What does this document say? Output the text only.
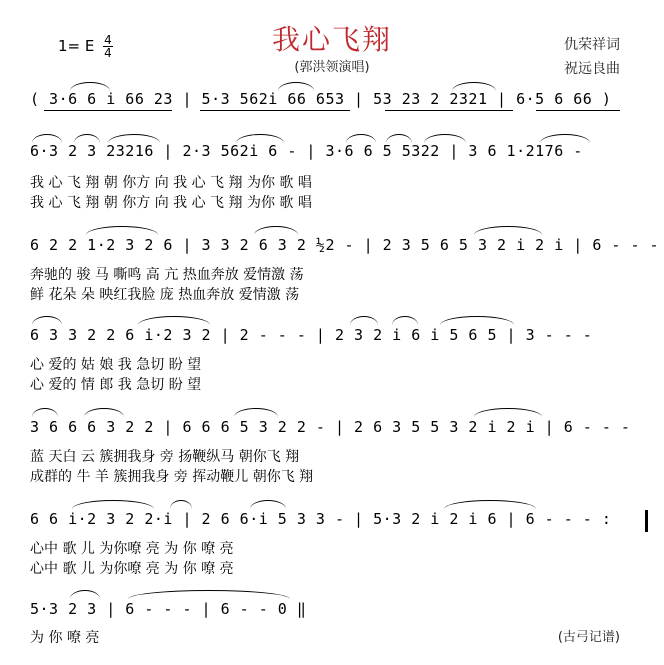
我心飞翔
(郭洪领演唱)
1= E $\frac{4}{4}$	仇荣祥词
祝远良曲
( 3·6 6 i 66 23 | 5·3 562i 66 653 | 53 23 2 2321 | 6·5 6 66 )
6·3 2 3 23216 | 2·3 562i 6 - | 3·6 6 5 5322 | 3 6 1·2176 -
我 心 飞 翔 朝 你方 向 我 心 飞 翔 为你 歌 唱
我 心 飞 翔 朝 你方 向 我 心 飞 翔 为你 歌 唱
6 2 2 1·2 3 2 6 | 3 3 2 6 3 2 ½2 - | 2 3 5 6 5 3 2 i 2 i | 6 - - -
奔驰的 骏 马 嘶鸣 高 亢 热血奔放 爱情激 荡
鲜 花朵 朵 映红我脸 庞 热血奔放 爱情激 荡
6 3 3 2 2 6 i·2 3 2 | 2 - - - | 2 3 2 i 6 i 5 6 5 | 3 - - -
心 爱的 姑 娘 我 急切 盼 望
心 爱的 情 郎 我 急切 盼 望
3 6 6 6 3 2 2 | 6 6 6 5 3 2 2 - | 2 6 3 5 5 3 2 i 2 i | 6 - - -
蓝 天白 云 簇拥我身 旁 扬鞭纵马 朝你飞 翔
成群的 牛 羊 簇拥我身 旁 挥动鞭儿 朝你飞 翔
6 6 i·2 3 2 2·i | 2 6 6·i 5 3 3 - | 5·3 2 i 2 i 6 | 6 - - - :
心中 歌 儿 为你嘹 亮 为 你 嘹 亮
心中 歌 儿 为你嘹 亮 为 你 嘹 亮
5·3 2 3 | 6 - - - | 6 - - 0 ‖
为 你 嘹 亮	(古弓记谱)
